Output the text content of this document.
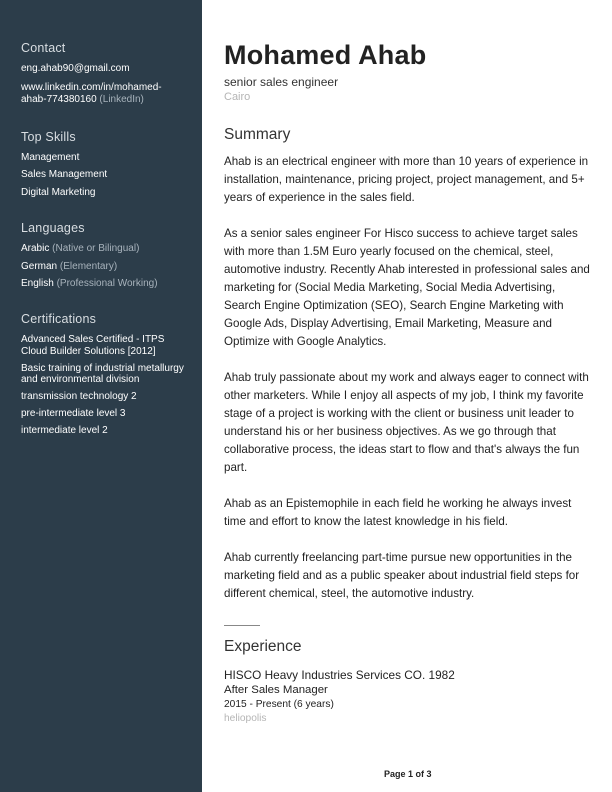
Contact
eng.ahab90@gmail.com
www.linkedin.com/in/mohamed-
ahab-774380160 (LinkedIn)
Top Skills
Management
Sales Management
Digital Marketing
Languages
Arabic (Native or Bilingual)
German (Elementary)
English (Professional Working)
Certifications
Advanced Sales Certified - ITPS Cloud Builder Solutions [2012]
Basic training of industrial metallurgy and environmental division
transmission technology 2
pre-intermediate level 3
intermediate level 2
Mohamed Ahab
senior sales engineer
Cairo
Summary

Ahab is an electrical engineer with more than 10 years of experience in installation, maintenance, pricing project, project management, and 5+ years of experience in the sales field.

As a senior sales engineer For Hisco success to achieve target sales with more than 1.5M Euro yearly focused on the chemical, steel, automotive industry. Recently Ahab interested in professional sales and marketing for (Social Media Marketing, Social Media Advertising, Search Engine Optimization (SEO), Search Engine Marketing with Google Ads, Display Advertising, Email Marketing, Measure and Optimize with Google Analytics.

Ahab truly passionate about my work and always eager to connect with other marketers. While I enjoy all aspects of my job, I think my favorite stage of a project is working with the client or business unit leader to understand his or her business objectives. As we go through that collaborative process, the ideas start to flow and that's always the fun part.

Ahab as an Epistemophile in each field he working he always invest time and effort to know the latest knowledge in his field.

Ahab currently freelancing part-time pursue new opportunities in the marketing field and as a public speaker about industrial field steps for different chemical, steel, the automotive industry.

Experience
HISCO Heavy Industries Services CO. 1982
After Sales Manager
2015 - Present (6 years)
heliopolis
Page 1 of 3
